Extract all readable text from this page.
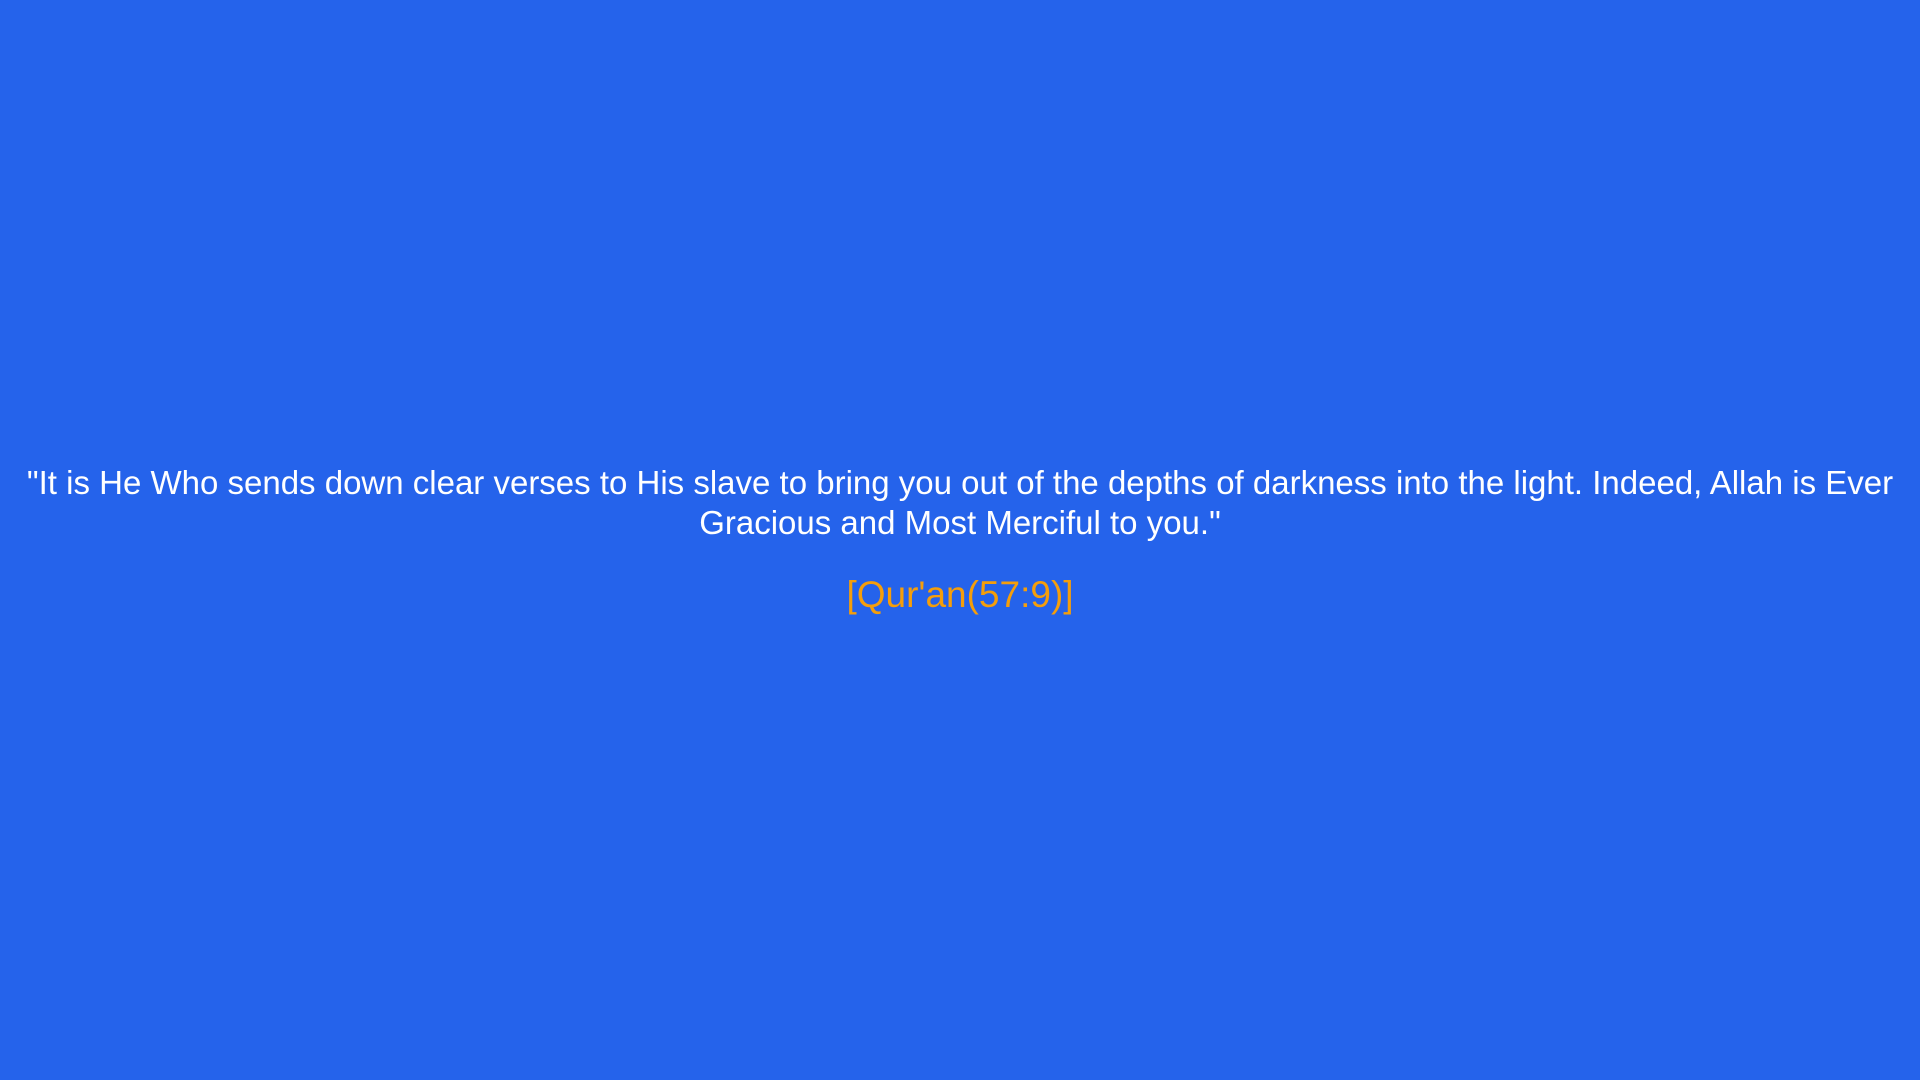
"It is He Who sends down clear verses to His slave to bring you out of the depths of darkness into the light. Indeed, Allah is Ever Gracious and Most Merciful to you."

[Qur'an(57:9)]
